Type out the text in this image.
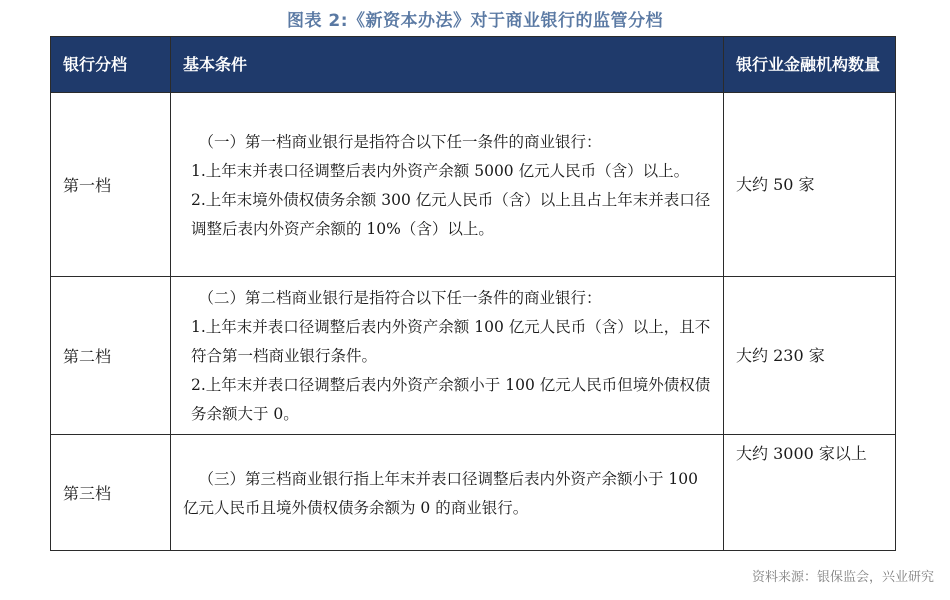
图表 2:《新资本办法》对于商业银行的监管分档
银行分档	基本条件	银行业金融机构数量
第一档	（一）第一档商业银行是指符合以下任一条件的商业银行：
1.上年末并表口径调整后表内外资产余额 5000 亿元人民币（含）以上。
2.上年末境外债权债务余额 300 亿元人民币（含）以上且占上年末并表口径调整后表内外资产余额的 10%（含）以上。	大约 50 家
第二档	（二）第二档商业银行是指符合以下任一条件的商业银行：
1.上年末并表口径调整后表内外资产余额 100 亿元人民币（含）以上，且不符合第一档商业银行条件。
2.上年末并表口径调整后表内外资产余额小于 100 亿元人民币但境外债权债务余额大于 0。	大约 230 家
第三档	（三）第三档商业银行指上年末并表口径调整后表内外资产余额小于 100 亿元人民币且境外债权债务余额为 0 的商业银行。	大约 3000 家以上
资料来源：银保监会，兴业研究
